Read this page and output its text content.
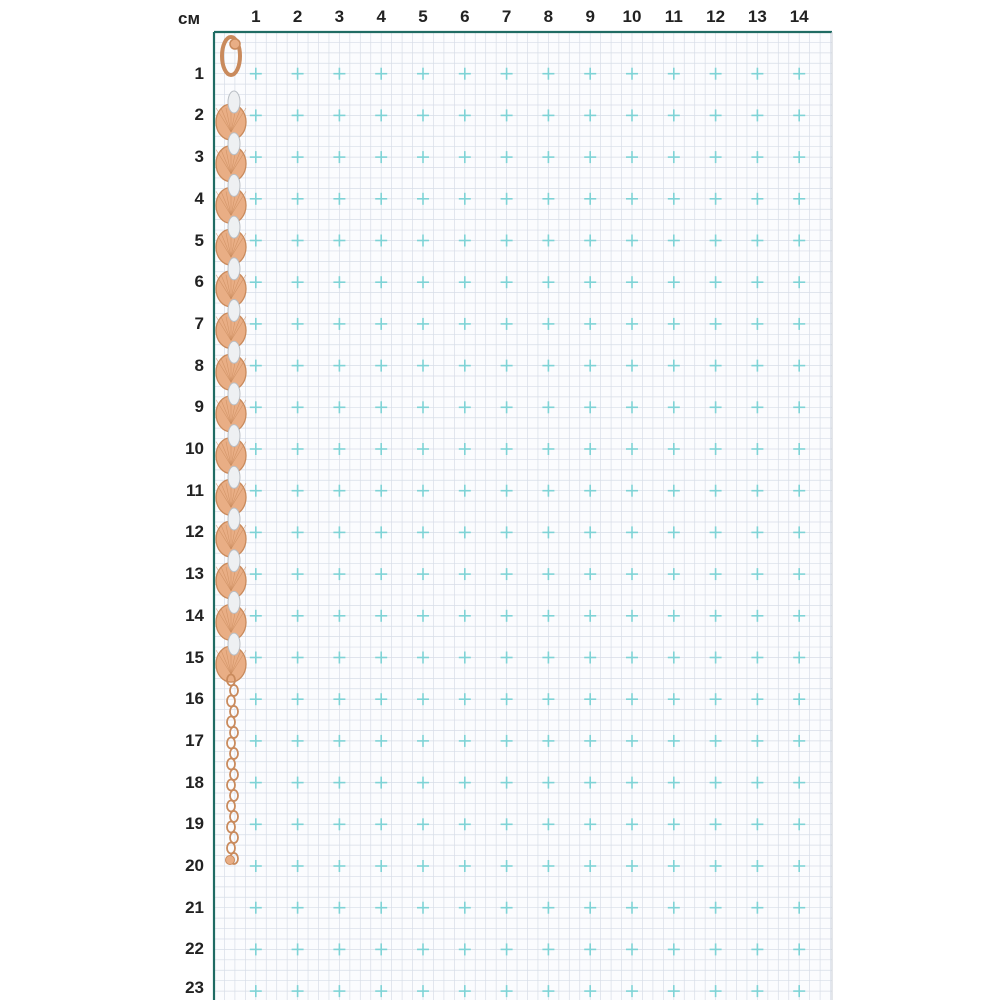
см	1	2	3	4	5	6	7	8	9	10	11	12	13	14
1
2
3
4
5
6
7
8
9
10
11
12
13
14
15
16
17
18
19
20
21
22
23
